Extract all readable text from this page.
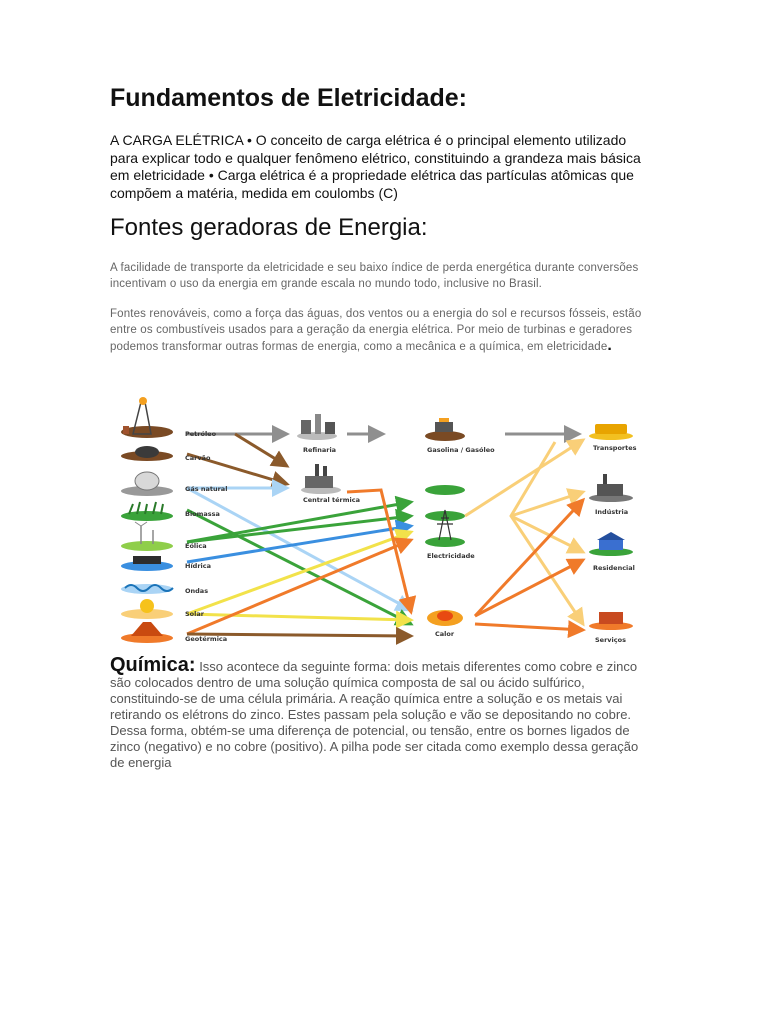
Fundamentos de Eletricidade:

A CARGA ELÉTRICA • O conceito de carga elétrica é o principal elemento utilizado para explicar todo e qualquer fenômeno elétrico, constituindo a grandeza mais básica em eletricidade • Carga elétrica é a propriedade elétrica das partículas atômicas que compõem a matéria, medida em coulombs (C)

Fontes geradoras de Energia:

A facilidade de transporte da eletricidade e seu baixo índice de perda energética durante conversões incentivam o uso da energia em grande escala no mundo todo, inclusive no Brasil.

Fontes renováveis, como a força das águas, dos ventos ou a energia do sol e recursos fósseis, estão entre os combustíveis usados para a geração da energia elétrica. Por meio de turbinas e geradores podemos transformar outras formas de energia, como a mecânica e a química, em eletricidade.

Química: Isso acontece da seguinte forma: dois metais diferentes como cobre e zinco são colocados dentro de uma solução química composta de sal ou ácido sulfúrico, constituindo-se de uma célula primária. A reação química entre a solução e os metais vai retirando os elétrons do zinco. Estes passam pela solução e vão se depositando no cobre. Dessa forma, obtém-se uma diferença de potencial, ou tensão, entre os bornes ligados de zinco (negativo) e no cobre (positivo). A pilha pode ser citada como exemplo dessa geração de energia

Petróleo
Carvão
Gás natural
Biomassa
Eólica
Hídrica
Ondas
Solar
Geotérmica
Refinaria
Central térmica
Gasolina / Gasóleo
Electricidade
Calor
Transportes
Indústria
Residencial
Serviços
